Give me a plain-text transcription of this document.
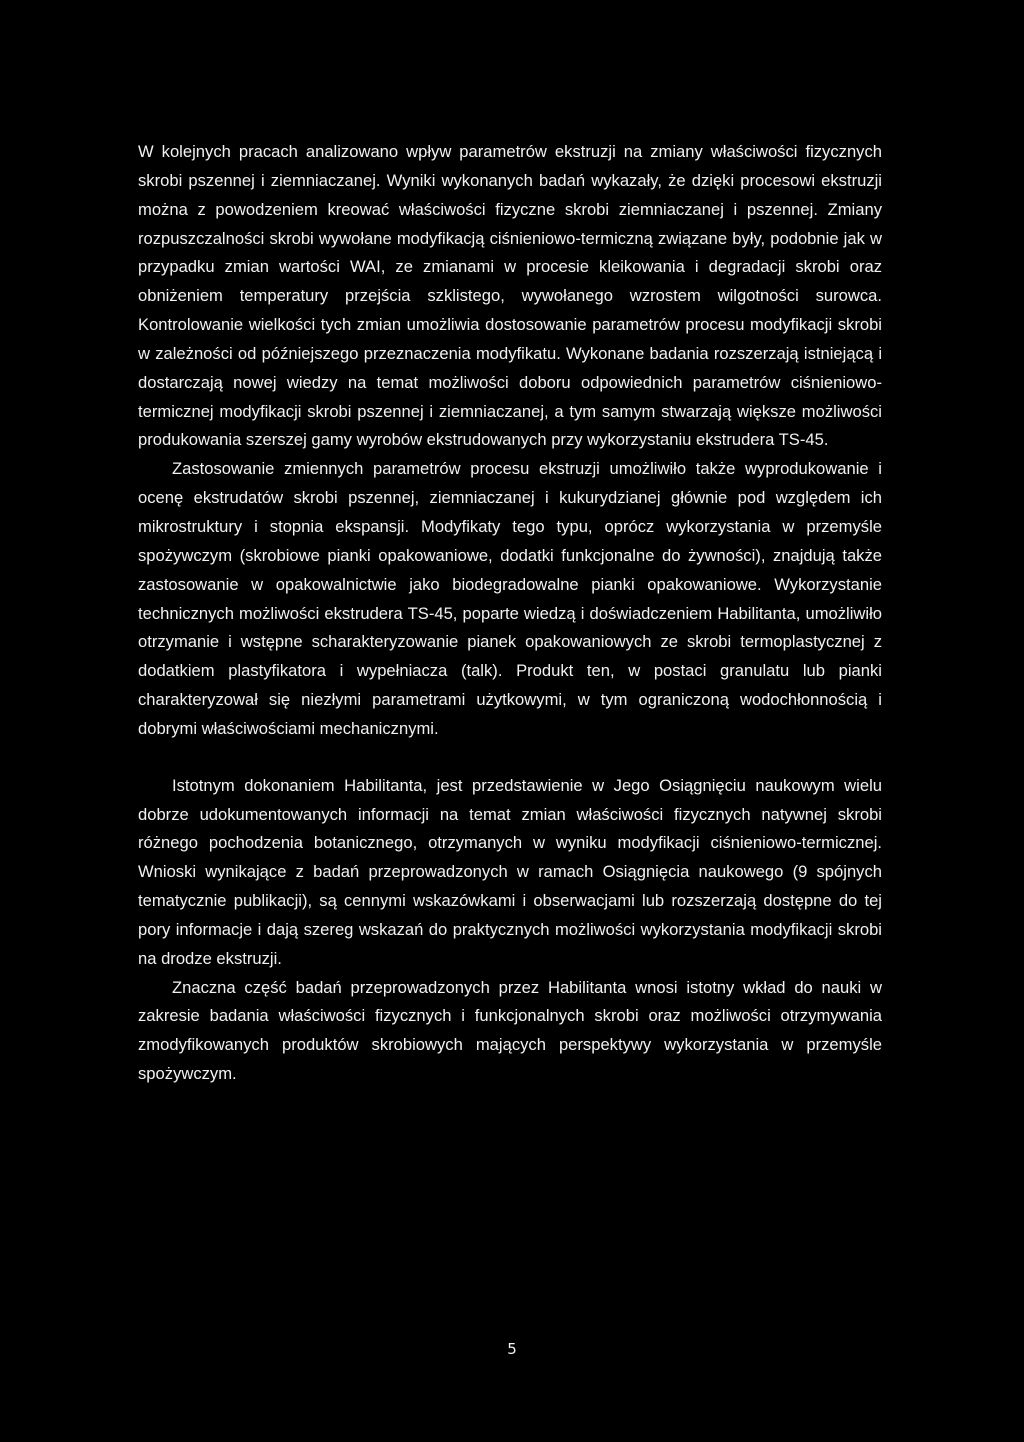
W kolejnych pracach analizowano wpływ parametrów ekstruzji na zmiany właściwości fizycznych skrobi pszennej i ziemniaczanej. Wyniki wykonanych badań wykazały, że dzięki procesowi ekstruzji można z powodzeniem kreować właściwości fizyczne skrobi ziemniaczanej i pszennej. Zmiany rozpuszczalności skrobi wywołane modyfikacją ciśnieniowo-termiczną związane były, podobnie jak w przypadku zmian wartości WAI, ze zmianami w procesie kleikowania i degradacji skrobi oraz obniżeniem temperatury przejścia szklistego, wywołanego wzrostem wilgotności surowca. Kontrolowanie wielkości tych zmian umożliwia dostosowanie parametrów procesu modyfikacji skrobi w zależności od późniejszego przeznaczenia modyfikatu. Wykonane badania rozszerzają istniejącą i dostarczają nowej wiedzy na temat możliwości doboru odpowiednich parametrów ciśnieniowo-termicznej modyfikacji skrobi pszennej i ziemniaczanej, a tym samym stwarzają większe możliwości produkowania szerszej gamy wyrobów ekstrudowanych przy wykorzystaniu ekstrudera TS-45.

Zastosowanie zmiennych parametrów procesu ekstruzji umożliwiło także wyprodukowanie i ocenę ekstrudatów skrobi pszennej, ziemniaczanej i kukurydzianej głównie pod względem ich mikrostruktury i stopnia ekspansji. Modyfikaty tego typu, oprócz wykorzystania w przemyśle spożywczym (skrobiowe pianki opakowaniowe, dodatki funkcjonalne do żywności), znajdują także zastosowanie w opakowalnictwie jako biodegradowalne pianki opakowaniowe. Wykorzystanie technicznych możliwości ekstrudera TS-45, poparte wiedzą i doświadczeniem Habilitanta, umożliwiło otrzymanie i wstępne scharakteryzowanie pianek opakowaniowych ze skrobi termoplastycznej z dodatkiem plastyfikatora i wypełniacza (talk). Produkt ten, w postaci granulatu lub pianki charakteryzował się niezłymi parametrami użytkowymi, w tym ograniczoną wodochłonnością i dobrymi właściwościami mechanicznymi.

Istotnym dokonaniem Habilitanta, jest przedstawienie w Jego Osiągnięciu naukowym wielu dobrze udokumentowanych informacji na temat zmian właściwości fizycznych natywnej skrobi różnego pochodzenia botanicznego, otrzymanych w wyniku modyfikacji ciśnieniowo-termicznej. Wnioski wynikające z badań przeprowadzonych w ramach Osiągnięcia naukowego (9 spójnych tematycznie publikacji), są cennymi wskazówkami i obserwacjami lub rozszerzają dostępne do tej pory informacje i dają szereg wskazań do praktycznych możliwości wykorzystania modyfikacji skrobi na drodze ekstruzji.

Znaczna część badań przeprowadzonych przez Habilitanta wnosi istotny wkład do nauki w zakresie badania właściwości fizycznych i funkcjonalnych skrobi oraz możliwości otrzymywania zmodyfikowanych produktów skrobiowych mających perspektywy wykorzystania w przemyśle spożywczym.

5
